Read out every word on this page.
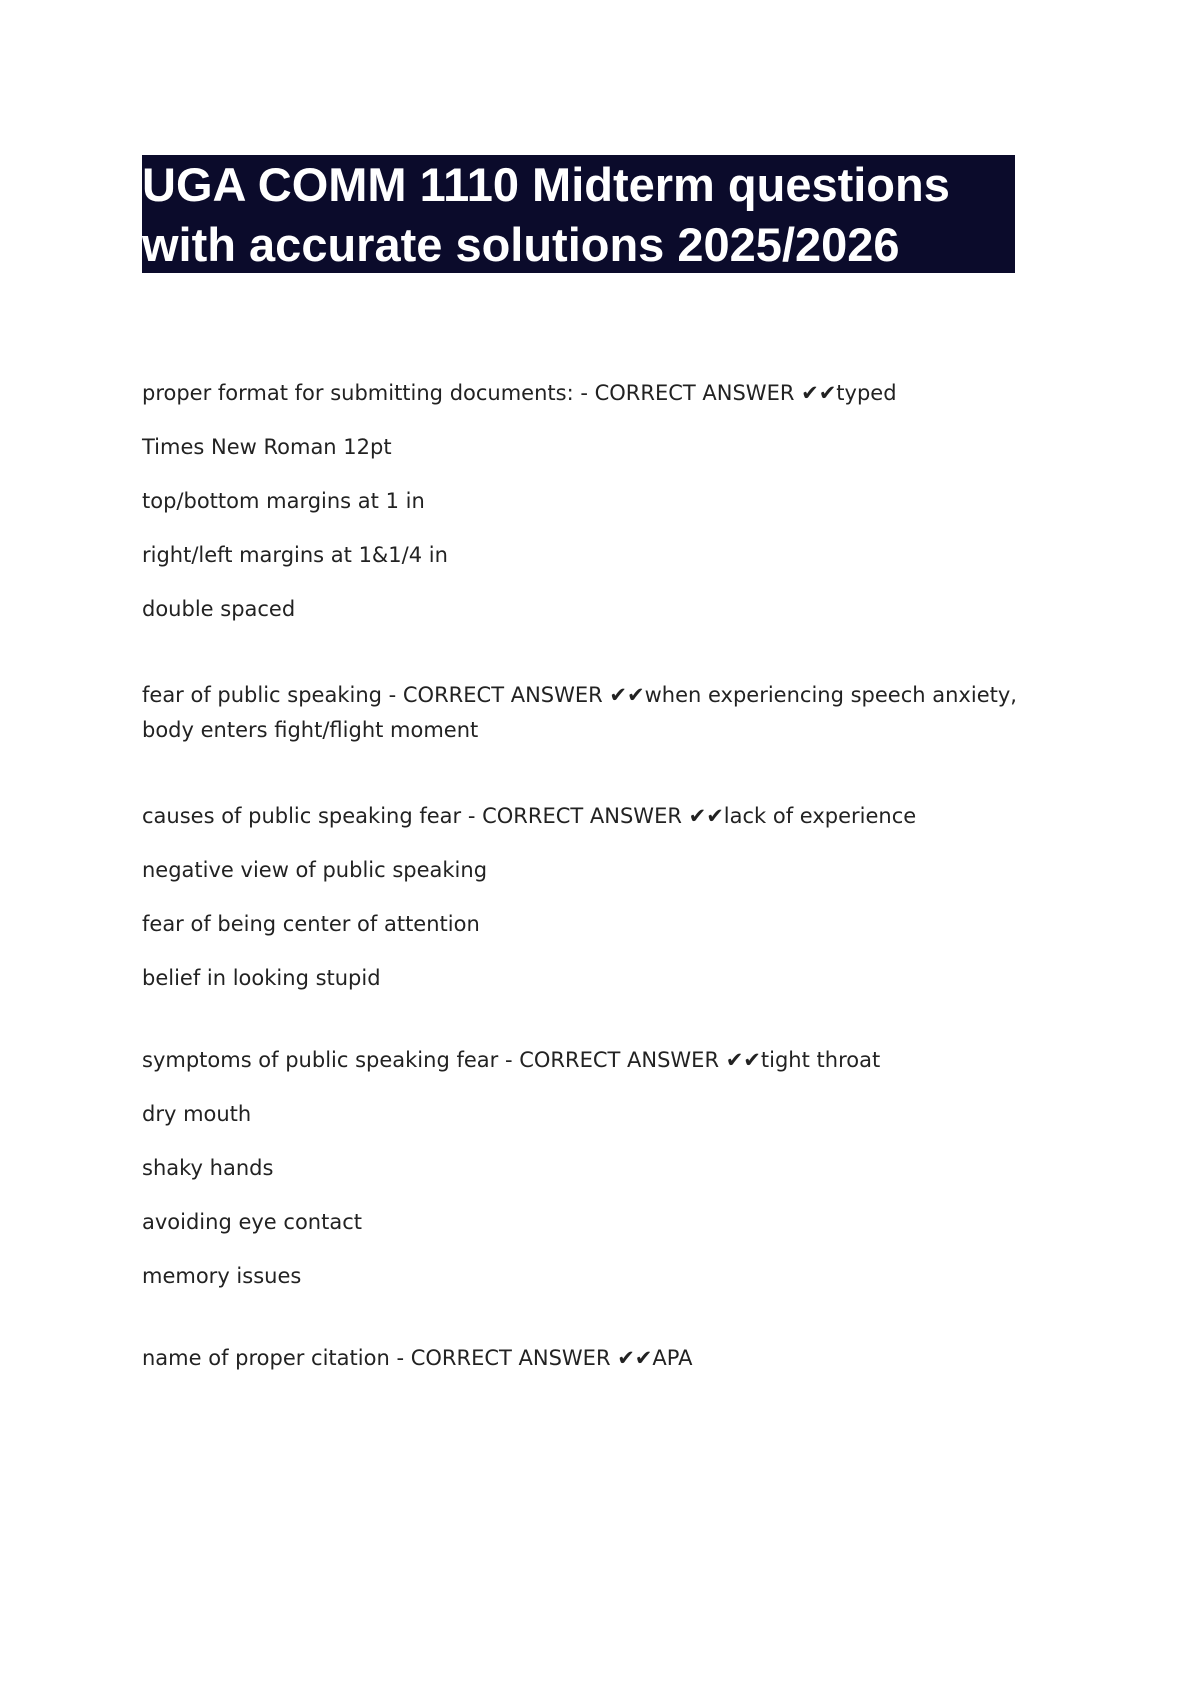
UGA COMM 1110 Midterm questions with accurate solutions 2025/2026
proper format for submitting documents: - CORRECT ANSWER ✔✔typed
Times New Roman 12pt
top/bottom margins at 1 in
right/left margins at 1&1/4 in
double spaced
fear of public speaking - CORRECT ANSWER ✔✔when experiencing speech anxiety, body enters fight/flight moment
causes of public speaking fear - CORRECT ANSWER ✔✔lack of experience
negative view of public speaking
fear of being center of attention
belief in looking stupid
symptoms of public speaking fear - CORRECT ANSWER ✔✔tight throat
dry mouth
shaky hands
avoiding eye contact
memory issues
name of proper citation - CORRECT ANSWER ✔✔APA
